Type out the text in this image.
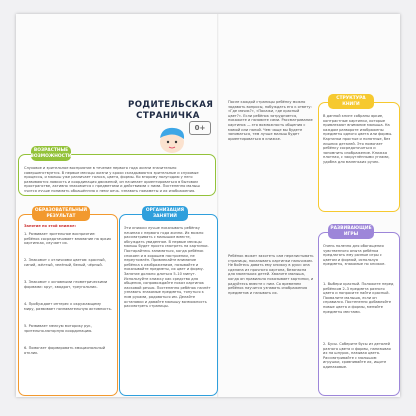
РОДИТЕЛЬСКАЯ
СТРАНИЧКА
0+
ВОЗРАСТНЫЕ
ВОЗМОЖНОСТИ
Слуховое и зрительное восприятие в течение первого года жизни значительно совершенствуется. В первые месяцы жизни у крохи складываются зрительные и слуховые процессы, и малыш уже различает голоса, цвета, формы. Ко второму полугодию у него развиваются ловкость и координация движений, он начинает ориентироваться в бытовом пространстве, активно знакомится с предметами и действиями с ними. Постепенно малыш учится лучше понимать обращённую к нему речь, узнавать предметы и их изображения.
ОБРАЗОВАТЕЛЬНЫЙ
РЕЗУЛЬТАТ
Занятие по этой книжке:
1. Развивает зрительное восприятие: ребёнок сосредотачивает внимание на ярких картинках, изучает их.
2. Знакомит с отличиями цветов: красный, синий, жёлтый, зелёный, белый, чёрный.
3. Знакомит с основными геометрическими формами: круг, квадрат, треугольник.
4. Пробуждает интерес к окружающему миру, развивает познавательную активность.
5. Развивает мелкую моторику рук, зрительно-моторную координацию.
6. Помогает формировать эмоциональный отклик.
ОРГАНИЗАЦИЯ
ЗАНЯТИЙ
Эти книжки лучше показывать ребёнку начиная с первого года жизни. Их можно рассматривать с малышом вместе, обсуждать увиденное. В первые месяцы малыш будет просто смотреть на картинки. Постарайтесь заниматься, когда ребёнок спокоен и в хорошем настроении, не переутомлён. Привлекайте внимание ребёнка к изображениям, называйте и показывайте предметы, их цвет и форму. Занятие должно длиться 5–10 минут. Используйте книжку как средство для общения, сопровождайте показ картинок ласковой речью. Постепенно ребёнок начнёт узнавать знакомые предметы, тянуться к ним руками, радоваться им. Делайте остановки и давайте малышу возможность рассмотреть страницы.
После каждой страницы ребёнку можно задавать вопросы, побуждать его к ответу: «Где мячик?», «Покажи, где красный цвет?». Если ребёнок затрудняется, покажите и назовите сами. Рассматривание картинок — это возможность общения с мамой или папой. Чем чаще вы будете заниматься, тем лучше малыш будет ориентироваться в книжке.
Ребёнок может захотеть сам перелистывать страницы, показывать картинки пальчиком. Не бойтесь давать ему книжку в руки: она сделана из прочного картона, безопасна для маленьких детей. Хвалите малыша, когда он правильно показывает картинки, и радуйтесь вместе с ним. Со временем ребёнок научится узнавать изображения предметов и называть их.
СТРУКТУРА
КНИГИ
В данной книге собраны яркие, контрастные картинки, которые привлекают внимание малыша. На каждом развороте изображены предметы одного цвета или формы. Картинки простые и понятные, без лишних деталей. Это помогает ребёнку сосредоточиться и запомнить изображение. Книжка плотная, с закруглёнными углами, удобна для маленьких ручек.
РАЗВИВАЮЩИЕ
ИГРЫ
Очень полезно для обогащения чувственного опыта ребёнка предлагать ему разные игры с цветом и формой, используя предметы, знакомые по книжке.
1. Выбери красный. Положите перед ребёнком 2–3 предмета разного цвета и попросите найти красный. Похвалите малыша, если он справился. Постепенно добавляйте новые цвета и формы, меняйте предметы местами.
2. Бусы. Соберите бусы из деталей разного цвета и формы, нанизывая их на шнурок, называя цвета. Рассматривайте с малышом игрушки, сравнивайте их, ищите одинаковые.
